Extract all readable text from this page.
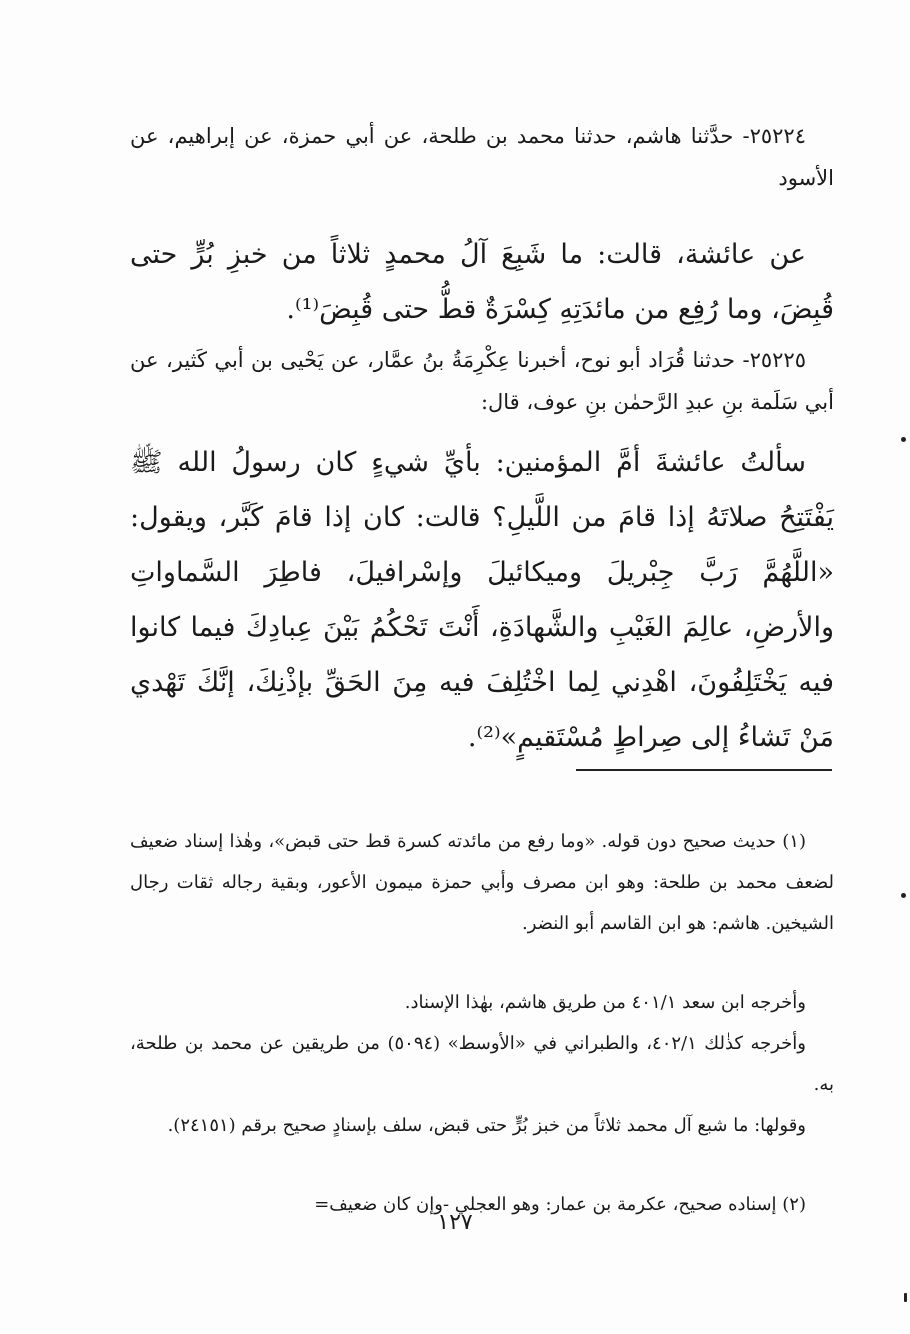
٢٥٢٢٤- حدَّثنا هاشم، حدثنا محمد بن طلحة، عن أبي حمزة، عن إبراهيم، عن الأسود

عن عائشة، قالت: ما شَبِعَ آلُ محمدٍ ثلاثاً من خبزِ بُرٍّ حتى قُبِضَ، وما رُفِع من مائدَتِهِ كِسْرَةٌ قطُّ حتى قُبِضَ⁽¹⁾.

٢٥٢٢٥- حدثنا قُرَاد أبو نوح، أخبرنا عِكْرِمَةُ بنُ عمَّار، عن يَحْيى بن أبي كَثير، عن أبي سَلَمة بنِ عبدِ الرَّحمٰن بنِ عوف، قال:

سألتُ عائشةَ أمَّ المؤمنين: بأيِّ شيءٍ كان رسولُ الله ﷺ يَفْتَتِحُ صلاتَهُ إذا قامَ من اللَّيلِ؟ قالت: كان إذا قامَ كَبَّر، ويقول: «اللَّهُمَّ رَبَّ جِبْريلَ وميكائيلَ وإسْرافيلَ، فاطِرَ السَّماواتِ والأرضِ، عالِمَ الغَيْبِ والشَّهادَةِ، أَنْتَ تَحْكُمُ بَيْنَ عِبادِكَ فيما كانوا فيه يَخْتَلِفُونَ، اهْدِني لِما اخْتُلِفَ فيه مِنَ الحَقِّ بإذْنِكَ، إنَّكَ تَهْدي مَنْ تَشاءُ إلى صِراطٍ مُسْتَقيمٍ»⁽²⁾.

(١) حديث صحيح دون قوله. «وما رفع من مائدته كسرة قط حتى قبض»، وهٰذا إسناد ضعيف لضعف محمد بن طلحة: وهو ابن مصرف وأبي حمزة ميمون الأعور، وبقية رجاله ثقات رجال الشيخين. هاشم: هو ابن القاسم أبو النضر.

وأخرجه ابن سعد ٤٠١/١ من طريق هاشم، بهٰذا الإسناد.

وأخرجه كذٰلك ٤٠٢/١، والطبراني في «الأوسط» (٥٠٩٤) من طريقين عن محمد بن طلحة، به.

وقولها: ما شبع آل محمد ثلاثاً من خبز بُرٍّ حتى قبض، سلف بإسنادٍ صحيح برقم (٢٤١٥١).

(٢) إسناده صحيح، عكرمة بن عمار: وهو العجلي -وإن كان ضعيف=

١٢٧
